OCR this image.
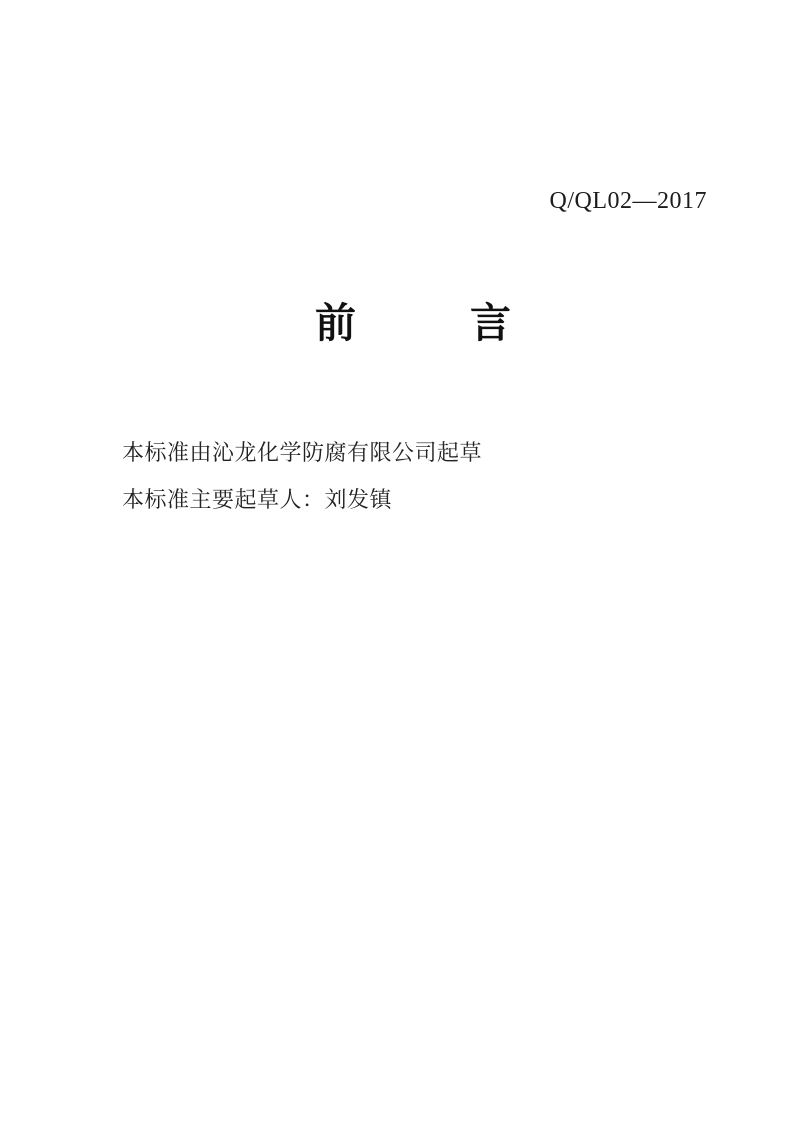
Q/QL02—2017
前	言

本标准由沁龙化学防腐有限公司起草

本标准主要起草人：刘发镇
